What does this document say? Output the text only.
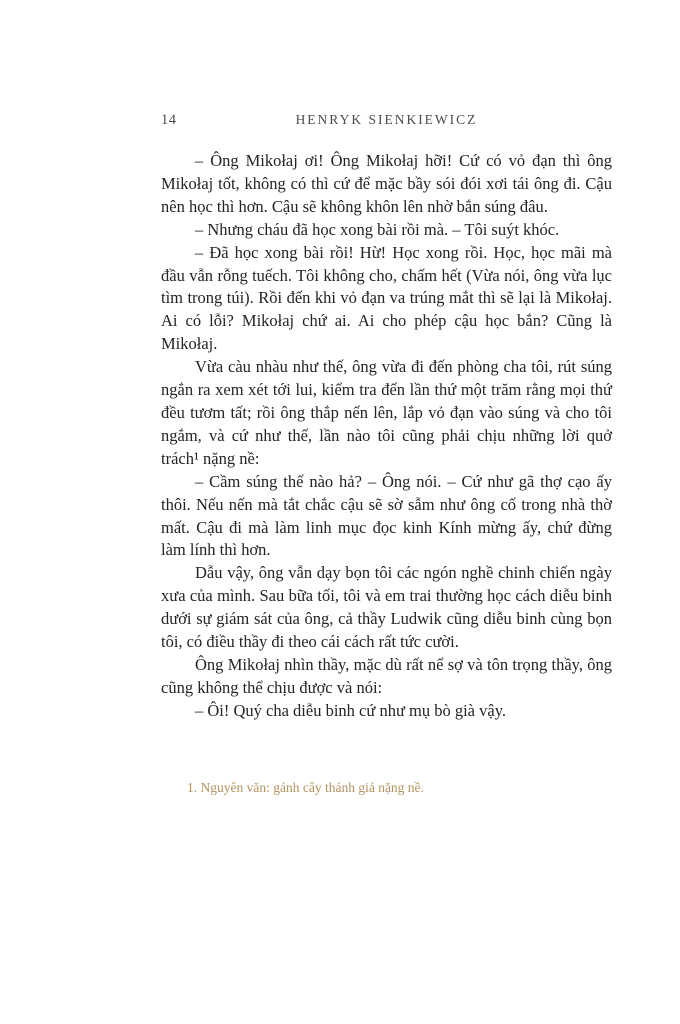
14	HENRYK SIENKIEWICZ

– Ông Mikołaj ơi! Ông Mikołaj hỡi! Cứ có vỏ đạn thì ông Mikołaj tốt, không có thì cứ để mặc bầy sói đói xơi tái ông đi. Cậu nên học thì hơn. Cậu sẽ không khôn lên nhờ bắn súng đâu.

– Nhưng cháu đã học xong bài rồi mà. – Tôi suýt khóc.

– Đã học xong bài rồi! Hừ! Học xong rồi. Học, học mãi mà đầu vẫn rỗng tuếch. Tôi không cho, chấm hết (Vừa nói, ông vừa lục tìm trong túi). Rồi đến khi vỏ đạn va trúng mắt thì sẽ lại là Mikołaj. Ai có lỗi? Mikołaj chứ ai. Ai cho phép cậu học bắn? Cũng là Mikołaj.

Vừa càu nhàu như thế, ông vừa đi đến phòng cha tôi, rút súng ngắn ra xem xét tới lui, kiểm tra đến lần thứ một trăm rằng mọi thứ đều tươm tất; rồi ông thắp nến lên, lắp vỏ đạn vào súng và cho tôi ngắm, và cứ như thế, lần nào tôi cũng phải chịu những lời quở trách¹ nặng nề:

– Cầm súng thế nào hả? – Ông nói. – Cứ như gã thợ cạo ấy thôi. Nếu nến mà tắt chắc cậu sẽ sờ sẫm như ông cố trong nhà thờ mất. Cậu đi mà làm linh mục đọc kinh Kính mừng ấy, chứ đừng làm lính thì hơn.

Dẫu vậy, ông vẫn dạy bọn tôi các ngón nghề chinh chiến ngày xưa của mình. Sau bữa tối, tôi và em trai thường học cách diễu binh dưới sự giám sát của ông, cả thầy Ludwik cũng diễu binh cùng bọn tôi, có điều thầy đi theo cái cách rất tức cười.

Ông Mikołaj nhìn thầy, mặc dù rất nể sợ và tôn trọng thầy, ông cũng không thể chịu được và nói:

– Ôi! Quý cha diễu binh cứ như mụ bò già vậy.

1. Nguyên văn: gánh cây thánh giá nặng nề.
